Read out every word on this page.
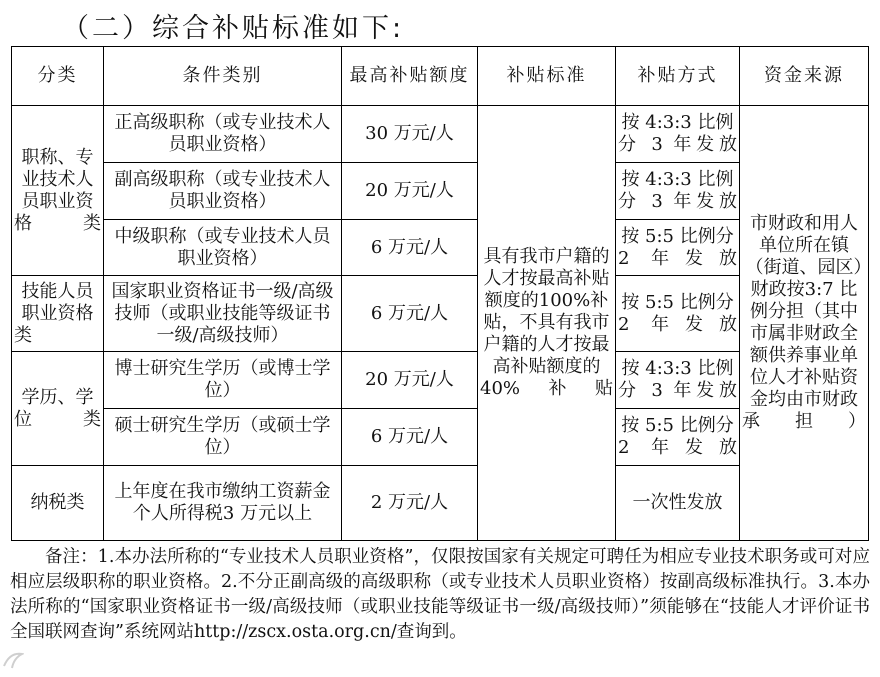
（二）综合补贴标准如下:
分类	条件类别	最高补贴额度	补贴标准	补贴方式	资金来源
职称、专业技术人员职业资格类	正高级职称（或专业技术人员职业资格）	30 万元/人	具有我市户籍的人才按最高补贴额度的100%补贴，不具有我市户籍的人才按最高补贴额度的40%补贴	按 4:3:3 比例分 3 年发放	市财政和用人单位所在镇（街道、园区）财政按3:7 比例分担（其中市属非财政全额供养事业单位人才补贴资金均由市财政承担）
	副高级职称（或专业技术人员职业资格）	20 万元/人		按 4:3:3 比例分 3 年发放	
	中级职称（或专业技术人员职业资格）	6 万元/人		按 5:5 比例分 2 年发放	
技能人员职业资格类	国家职业资格证书一级/高级技师（或职业技能等级证书一级/高级技师）	6 万元/人		按 5:5 比例分 2 年发放	
学历、学位类	博士研究生学历（或博士学位）	20 万元/人		按 4:3:3 比例分 3 年发放	
	硕士研究生学历（或硕士学位）	6 万元/人		按 5:5 比例分 2 年发放	
纳税类	上年度在我市缴纳工资薪金个人所得税3 万元以上	2 万元/人		一次性发放	
备注：1.本办法所称的“专业技术人员职业资格”，仅限按国家有关规定可聘任为相应专业技术职务或可对应相应层级职称的职业资格。2.不分正副高级的高级职称（或专业技术人员职业资格）按副高级标准执行。3.本办法所称的“国家职业资格证书一级/高级技师（或职业技能等级证书一级/高级技师）”须能够在“技能人才评价证书全国联网查询”系统网站http://zscx.osta.org.cn/查询到。
